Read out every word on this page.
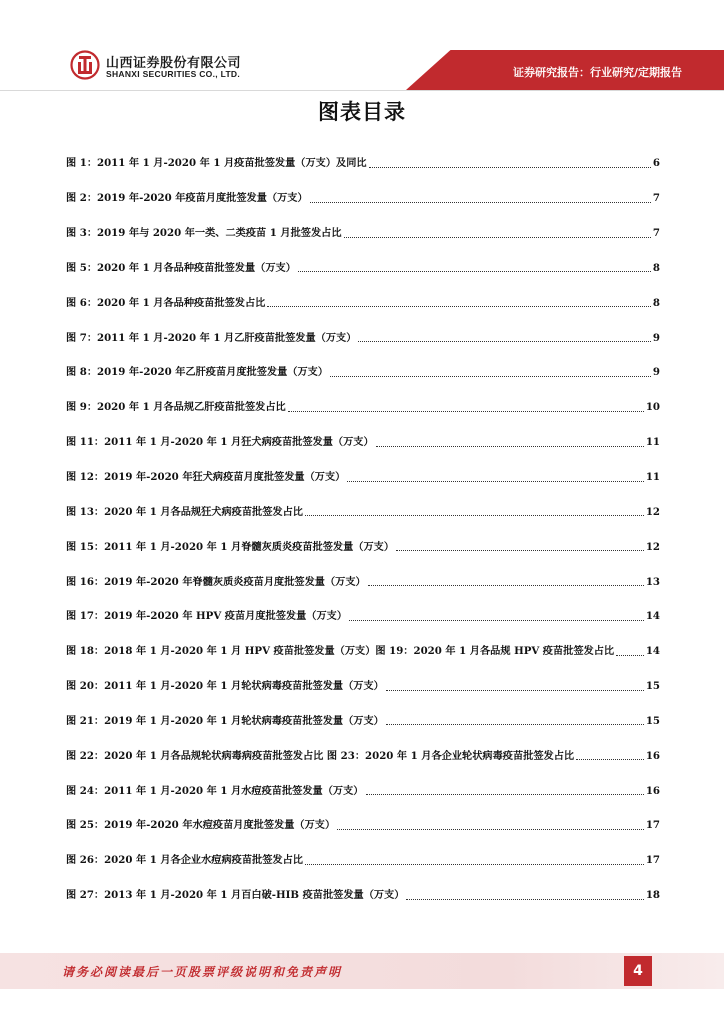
山西证券股份有限公司
SHANXI SECURITIES CO., LTD.	证券研究报告：行业研究/定期报告
图表目录
图 1：2011 年 1 月-2020 年 1 月疫苗批签发量（万支）及同比	6
图 2：2019 年-2020 年疫苗月度批签发量（万支）	7
图 3：2019 年与 2020 年一类、二类疫苗 1 月批签发占比	7
图 5：2020 年 1 月各品种疫苗批签发量（万支）	8
图 6：2020 年 1 月各品种疫苗批签发占比	8
图 7：2011 年 1 月-2020 年 1 月乙肝疫苗批签发量（万支）	9
图 8：2019 年-2020 年乙肝疫苗月度批签发量（万支）	9
图 9：2020 年 1 月各品规乙肝疫苗批签发占比	10
图 11：2011 年 1 月-2020 年 1 月狂犬病疫苗批签发量（万支）	11
图 12：2019 年-2020 年狂犬病疫苗月度批签发量（万支）	11
图 13：2020 年 1 月各品规狂犬病疫苗批签发占比	12
图 15：2011 年 1 月-2020 年 1 月脊髓灰质炎疫苗批签发量（万支）	12
图 16：2019 年-2020 年脊髓灰质炎疫苗月度批签发量（万支）	13
图 17：2019 年-2020 年 HPV 疫苗月度批签发量（万支）	14
图 18：2018 年 1 月-2020 年 1 月 HPV 疫苗批签发量（万支）图 19：2020 年 1 月各品规 HPV 疫苗批签发占比	14
图 20：2011 年 1 月-2020 年 1 月轮状病毒疫苗批签发量（万支）	15
图 21：2019 年 1 月-2020 年 1 月轮状病毒疫苗批签发量（万支）	15
图 22：2020 年 1 月各品规轮状病毒病疫苗批签发占比 图 23：2020 年 1 月各企业轮状病毒疫苗批签发占比	16
图 24：2011 年 1 月-2020 年 1 月水痘疫苗批签发量（万支）	16
图 25：2019 年-2020 年水痘疫苗月度批签发量（万支）	17
图 26：2020 年 1 月各企业水痘病疫苗批签发占比	17
图 27：2013 年 1 月-2020 年 1 月百白破-HIB 疫苗批签发量（万支）	18
请务必阅读最后一页股票评级说明和免责声明	4
